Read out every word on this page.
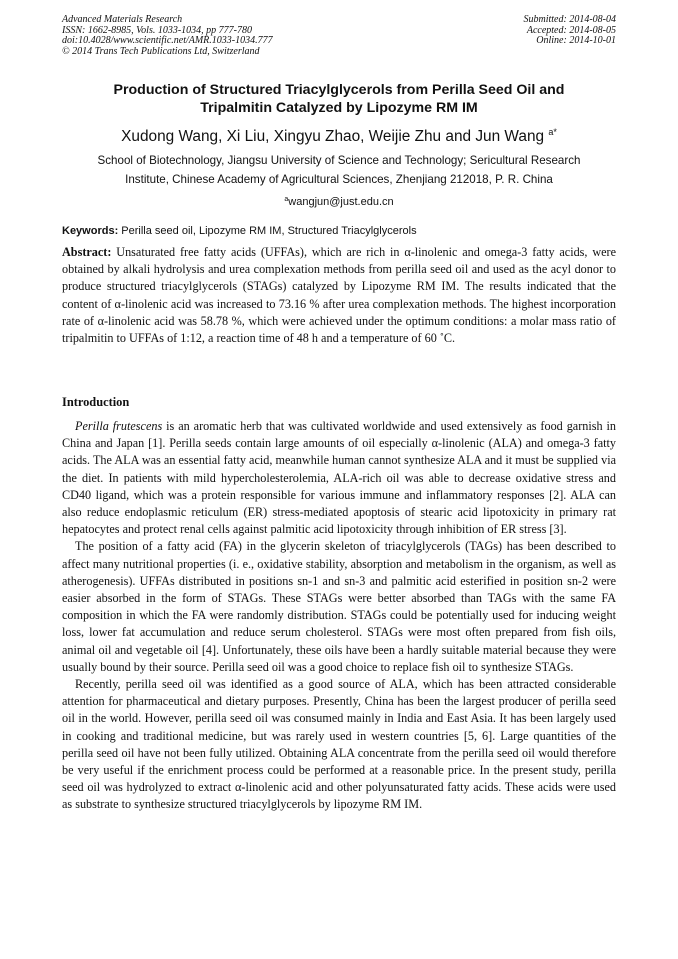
Advanced Materials Research
ISSN: 1662-8985, Vols. 1033-1034, pp 777-780
doi:10.4028/www.scientific.net/AMR.1033-1034.777
© 2014 Trans Tech Publications Ltd, Switzerland
Submitted: 2014-08-04
Accepted: 2014-08-05
Online: 2014-10-01
Production of Structured Triacylglycerols from Perilla Seed Oil and
Tripalmitin Catalyzed by Lipozyme RM IM
Xudong Wang, Xi Liu, Xingyu Zhao, Weijie Zhu and Jun Wang $^{a*}$
School of Biotechnology, Jiangsu University of Science and Technology; Sericultural Research
Institute, Chinese Academy of Agricultural Sciences, Zhenjiang 212018, P. R. China
$^a$wangjun@just.edu.cn
Keywords: Perilla seed oil, Lipozyme RM IM, Structured Triacylglycerols

Abstract: Unsaturated free fatty acids (UFFAs), which are rich in α-linolenic and omega-3 fatty acids, were obtained by alkali hydrolysis and urea complexation methods from perilla seed oil and used as the acyl donor to produce structured triacylglycerols (STAGs) catalyzed by Lipozyme RM IM. The results indicated that the content of α-linolenic acid was increased to 73.16 % after urea complexation methods. The highest incorporation rate of α-linolenic acid was 58.78 %, which were achieved under the optimum conditions: a molar mass ratio of tripalmitin to UFFAs of 1:12, a reaction time of 48 h and a temperature of 60 ˚C.

Introduction

Perilla frutescens is an aromatic herb that was cultivated worldwide and used extensively as food garnish in China and Japan [1]. Perilla seeds contain large amounts of oil especially α-linolenic (ALA) and omega-3 fatty acids. The ALA was an essential fatty acid, meanwhile human cannot synthesize ALA and it must be supplied via the diet. In patients with mild hypercholesterolemia, ALA-rich oil was able to decrease oxidative stress and CD40 ligand, which was a protein responsible for various immune and inflammatory responses [2]. ALA can also reduce endoplasmic reticulum (ER) stress-mediated apoptosis of stearic acid lipotoxicity in primary rat hepatocytes and protect renal cells against palmitic acid lipotoxicity through inhibition of ER stress [3].

The position of a fatty acid (FA) in the glycerin skeleton of triacylglycerols (TAGs) has been described to affect many nutritional properties (i. e., oxidative stability, absorption and metabolism in the organism, as well as atherogenesis). UFFAs distributed in positions sn-1 and sn-3 and palmitic acid esterified in position sn-2 were easier absorbed in the form of STAGs. These STAGs were better absorbed than TAGs with the same FA composition in which the FA were randomly distribution. STAGs could be potentially used for inducing weight loss, lower fat accumulation and reduce serum cholesterol. STAGs were most often prepared from fish oils, animal oil and vegetable oil [4]. Unfortunately, these oils have been a hardly suitable material because they were usually bound by their source. Perilla seed oil was a good choice to replace fish oil to synthesize STAGs.

Recently, perilla seed oil was identified as a good source of ALA, which has been attracted considerable attention for pharmaceutical and dietary purposes. Presently, China has been the largest producer of perilla seed oil in the world. However, perilla seed oil was consumed mainly in India and East Asia. It has been largely used in cooking and traditional medicine, but was rarely used in western countries [5, 6]. Large quantities of the perilla seed oil have not been fully utilized. Obtaining ALA concentrate from the perilla seed oil would therefore be very useful if the enrichment process could be performed at a reasonable price. In the present study, perilla seed oil was hydrolyzed to extract α-linolenic acid and other polyunsaturated fatty acids. These acids were used as substrate to synthesize structured triacylglycerols by lipozyme RM IM.
